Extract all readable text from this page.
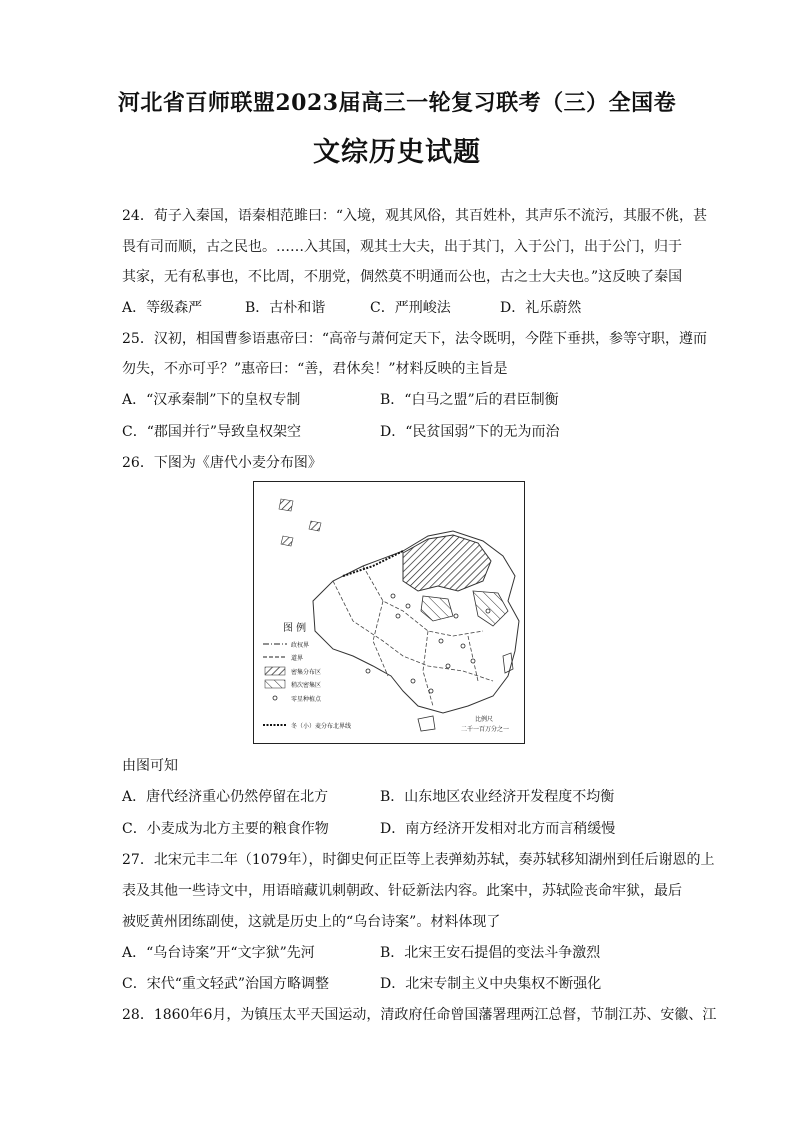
河北省百师联盟2023届高三一轮复习联考（三）全国卷
文综历史试题
24．荀子入秦国，语秦相范雎曰：“入境，观其风俗，其百姓朴，其声乐不流污，其服不佻，甚
畏有司而顺，古之民也。……入其国，观其士大夫，出于其门，入于公门，出于公门，归于
其家，无有私事也，不比周，不朋党，倜然莫不明通而公也，古之士大夫也。”这反映了秦国
A．等级森严	B．古朴和谐	C．严刑峻法	D．礼乐蔚然
25．汉初，相国曹参语惠帝曰：“高帝与萧何定天下，法令既明，今陛下垂拱，参等守职，遵而
勿失，不亦可乎？”惠帝曰：“善，君休矣！”材料反映的主旨是
A．“汉承秦制”下的皇权专制	B．“白马之盟”后的君臣制衡
C．“郡国并行”导致皇权架空	D．“民贫国弱”下的无为而治
26．下图为《唐代小麦分布图》
图 例
政权界
道界
密集分布区
稍次密集区
零星种植点
冬（小）麦分布北界线
比例尺
二千一百万分之一
由图可知
A．唐代经济重心仍然停留在北方	B．山东地区农业经济开发程度不均衡
C．小麦成为北方主要的粮食作物	D．南方经济开发相对北方而言稍缓慢
27．北宋元丰二年（1079年），时御史何正臣等上表弹劾苏轼，奏苏轼移知湖州到任后谢恩的上
表及其他一些诗文中，用语暗藏讥刺朝政、针砭新法内容。此案中，苏轼险丧命牢狱，最后
被贬黄州团练副使，这就是历史上的“乌台诗案”。材料体现了
A．“乌台诗案”开“文字狱”先河	B．北宋王安石提倡的变法斗争激烈
C．宋代“重文轻武”治国方略调整	D．北宋专制主义中央集权不断强化
28．1860年6月，为镇压太平天国运动，清政府任命曾国藩署理两江总督，节制江苏、安徽、江
